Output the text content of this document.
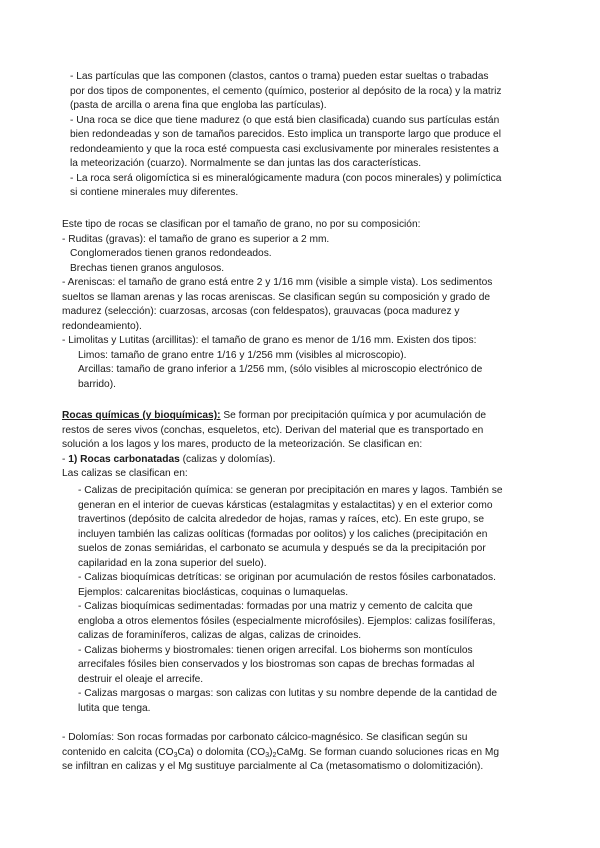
- Las partículas que las componen (clastos, cantos o trama) pueden estar sueltas o trabadas

por dos tipos de componentes, el cemento (químico, posterior al depósito de la roca) y la matriz

(pasta de arcilla o arena fina que engloba las partículas).

- Una roca se dice que tiene madurez (o que está bien clasificada) cuando sus partículas están

bien redondeadas y son de tamaños parecidos. Esto implica un transporte largo que produce el

redondeamiento y que la roca esté compuesta casi exclusivamente por minerales resistentes a

la meteorización (cuarzo). Normalmente se dan juntas las dos características.

- La roca será oligomíctica si es mineralógicamente madura (con pocos minerales) y polimíctica

si contiene minerales muy diferentes.

Este tipo de rocas se clasifican por el tamaño de grano, no por su composición:

- Ruditas (gravas): el tamaño de grano es superior a 2 mm.

Conglomerados tienen granos redondeados.

Brechas tienen granos angulosos.

- Areniscas: el tamaño de grano está entre 2 y 1/16 mm (visible a simple vista). Los sedimentos

sueltos se llaman arenas y las rocas areniscas. Se clasifican según su composición y grado de

madurez (selección): cuarzosas, arcosas (con feldespatos), grauvacas (poca madurez y

redondeamiento).

- Limolitas y Lutitas (arcillitas): el tamaño de grano es menor de 1/16 mm. Existen dos tipos:

Limos: tamaño de grano entre 1/16 y 1/256 mm (visibles al microscopio).

Arcillas: tamaño de grano inferior a 1/256 mm, (sólo visibles al microscopio electrónico de

barrido).

Rocas químicas (y bioquímicas): Se forman por precipitación química y por acumulación de

restos de seres vivos (conchas, esqueletos, etc). Derivan del material que es transportado en

solución a los lagos y los mares, producto de la meteorización. Se clasifican en:

- 1) Rocas carbonatadas (calizas y dolomías).

Las calizas se clasifican en:

- Calizas de precipitación química: se generan por precipitación en mares y lagos. También se

generan en el interior de cuevas kársticas (estalagmitas y estalactitas) y en el exterior como

travertinos (depósito de calcita alrededor de hojas, ramas y raíces, etc). En este grupo, se

incluyen también las calizas oolíticas (formadas por oolitos) y los caliches (precipitación en

suelos de zonas semiáridas, el carbonato se acumula y después se da la precipitación por

capilaridad en la zona superior del suelo).

- Calizas bioquímicas detríticas: se originan por acumulación de restos fósiles carbonatados.

Ejemplos: calcarenitas bioclásticas, coquinas o lumaquelas.

- Calizas bioquímicas sedimentadas: formadas por una matriz y cemento de calcita que

engloba a otros elementos fósiles (especialmente microfósiles). Ejemplos: calizas fosilíferas,

calizas de foraminíferos, calizas de algas, calizas de crinoides.

- Calizas bioherms y biostromales: tienen origen arrecifal. Los bioherms son montículos

arrecifales fósiles bien conservados y los biostromas son capas de brechas formadas al

destruir el oleaje el arrecife.

- Calizas margosas o margas: son calizas con lutitas y su nombre depende de la cantidad de

lutita que tenga.

- Dolomías: Son rocas formadas por carbonato cálcico-magnésico. Se clasifican según su

contenido en calcita $(CO_3Ca)$ o dolomita $(CO_3)_2CaMg$. Se forman cuando soluciones ricas en Mg

se infiltran en calizas y el Mg sustituye parcialmente al Ca (metasomatismo o dolomitización).
